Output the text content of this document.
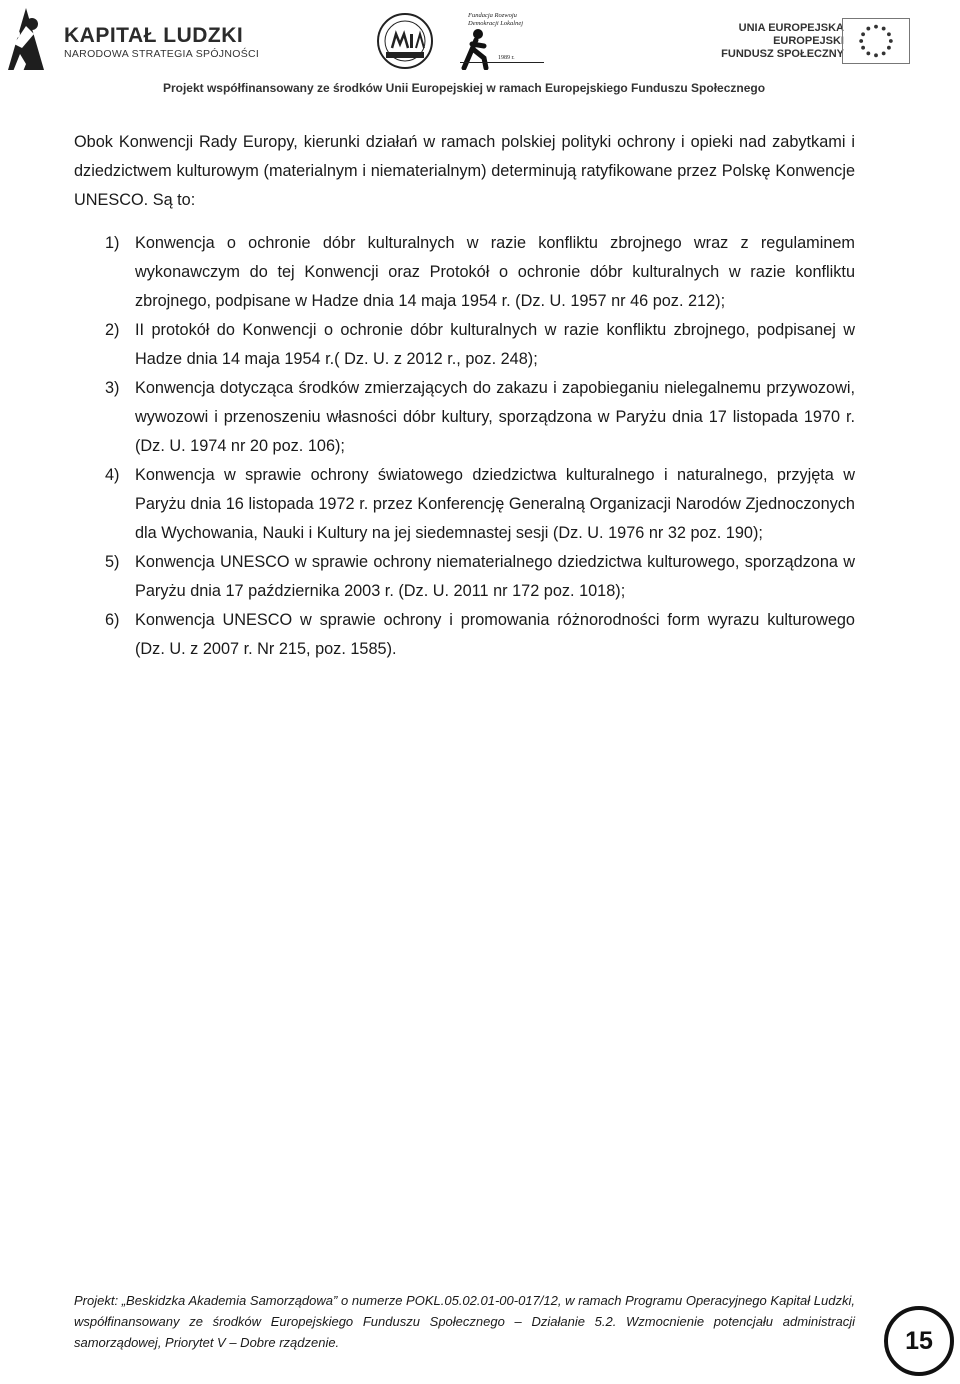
KAPITAŁ LUDZKI
NARODOWA STRATEGIA SPÓJNOŚCI
Fundacja Rozwoju
Demokracji Lokalnej
1989 r.
UNIA EUROPEJSKA
EUROPEJSKI
FUNDUSZ SPOŁECZNY
Projekt współfinansowany ze środków Unii Europejskiej w ramach Europejskiego Funduszu Społecznego

Obok Konwencji Rady Europy, kierunki działań w ramach polskiej polityki ochrony i opieki nad zabytkami i dziedzictwem kulturowym (materialnym i niematerialnym) determinują ratyfikowane przez Polskę Konwencje UNESCO. Są to:

1) Konwencja o ochronie dóbr kulturalnych w razie konfliktu zbrojnego wraz z regulaminem wykonawczym do tej Konwencji oraz Protokół o ochronie dóbr kulturalnych w razie konfliktu zbrojnego, podpisane w Hadze dnia 14 maja 1954 r. (Dz. U. 1957 nr 46 poz. 212);
2) II protokół do Konwencji o ochronie dóbr kulturalnych w razie konfliktu zbrojnego, podpisanej w Hadze dnia 14 maja 1954 r.( Dz. U. z 2012 r., poz. 248);
3) Konwencja dotycząca środków zmierzających do zakazu i zapobieganiu nielegalnemu przywozowi, wywozowi i przenoszeniu własności dóbr kultury, sporządzona w Paryżu dnia 17 listopada 1970 r. (Dz. U. 1974 nr 20 poz. 106);
4) Konwencja w sprawie ochrony światowego dziedzictwa kulturalnego i naturalnego, przyjęta w Paryżu dnia 16 listopada 1972 r. przez Konferencję Generalną Organizacji Narodów Zjednoczonych dla Wychowania, Nauki i Kultury na jej siedemnastej sesji (Dz. U. 1976 nr 32 poz. 190);
5) Konwencja UNESCO w sprawie ochrony niematerialnego dziedzictwa kulturowego, sporządzona w Paryżu dnia 17 października 2003 r. (Dz. U. 2011 nr 172 poz. 1018);
6) Konwencja UNESCO w sprawie ochrony i promowania różnorodności form wyrazu kulturowego (Dz. U. z 2007 r. Nr 215, poz. 1585).

Projekt: „Beskidzka Akademia Samorządowa” o numerze POKL.05.02.01-00-017/12, w ramach Programu Operacyjnego Kapitał Ludzki, współfinansowany ze środków Europejskiego Funduszu Społecznego – Działanie 5.2. Wzmocnienie potencjału administracji samorządowej, Priorytet V – Dobre rządzenie.	15
